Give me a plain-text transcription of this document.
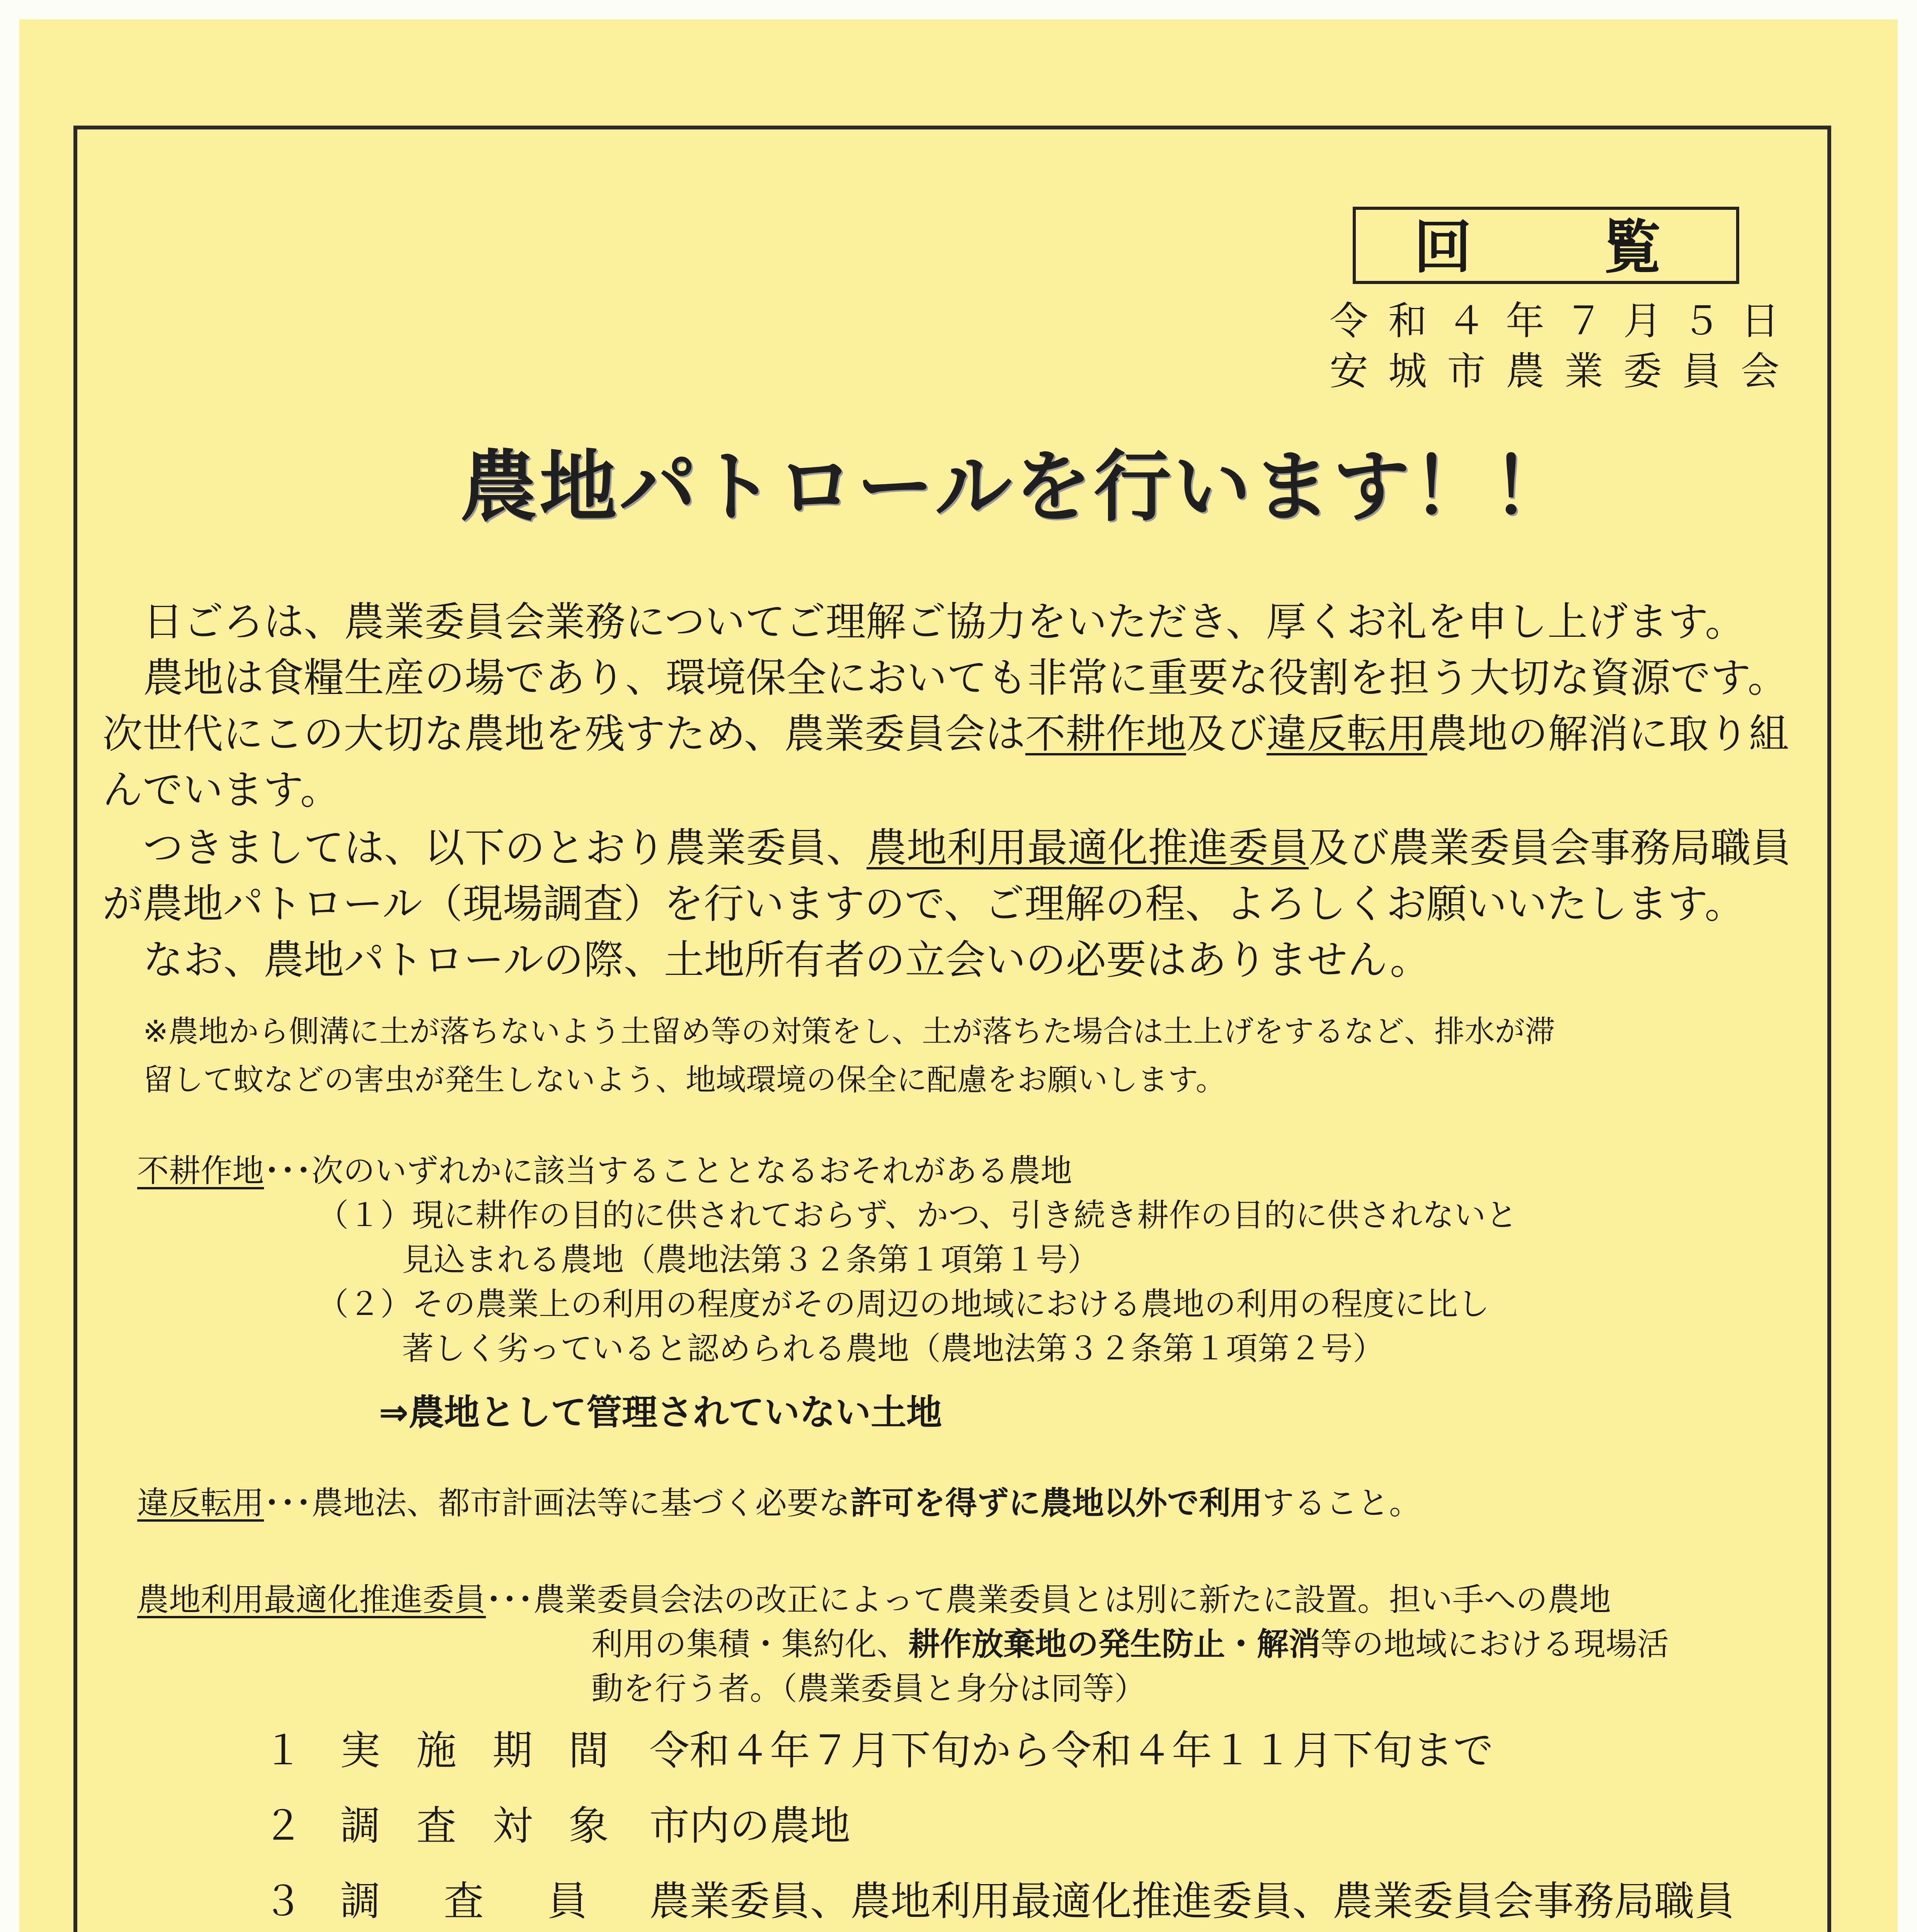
回 覧
令和４年７月５日
安城市農業委員会
農地パトロールを行います！！
日ごろは、農業委員会業務についてご理解ご協力をいただき、厚くお礼を申し上げます。
農地は食糧生産の場であり、環境保全においても非常に重要な役割を担う大切な資源です。
次世代にこの大切な農地を残すため、農業委員会は不耕作地及び違反転用農地の解消に取り組
んでいます。
つきましては、以下のとおり農業委員、農地利用最適化推進委員及び農業委員会事務局職員
が農地パトロール（現場調査）を行いますので、ご理解の程、よろしくお願いいたします。
なお、農地パトロールの際、土地所有者の立会いの必要はありません。
※農地から側溝に土が落ちないよう土留め等の対策をし、土が落ちた場合は土上げをするなど、排水が滞
留して蚊などの害虫が発生しないよう、地域環境の保全に配慮をお願いします。
不耕作地･･･次のいずれかに該当することとなるおそれがある農地
（１）現に耕作の目的に供されておらず、かつ、引き続き耕作の目的に供されないと
見込まれる農地（農地法第３２条第１項第１号）
（２）その農業上の利用の程度がその周辺の地域における農地の利用の程度に比し
著しく劣っていると認められる農地（農地法第３２条第１項第２号）
⇒農地として管理されていない土地
違反転用･･･農地法、都市計画法等に基づく必要な許可を得ずに農地以外で利用すること。
農地利用最適化推進委員･･･農業委員会法の改正によって農業委員とは別に新たに設置。担い手への農地
利用の集積・集約化、耕作放棄地の発生防止・解消等の地域における現場活
動を行う者。（農業委員と身分は同等）
１ 実 施 期 間 令和４年７月下旬から令和４年１１月下旬まで
２ 調 査 対 象 市内の農地
３ 調　査　員 農業委員、農地利用最適化推進委員、農業委員会事務局職員
